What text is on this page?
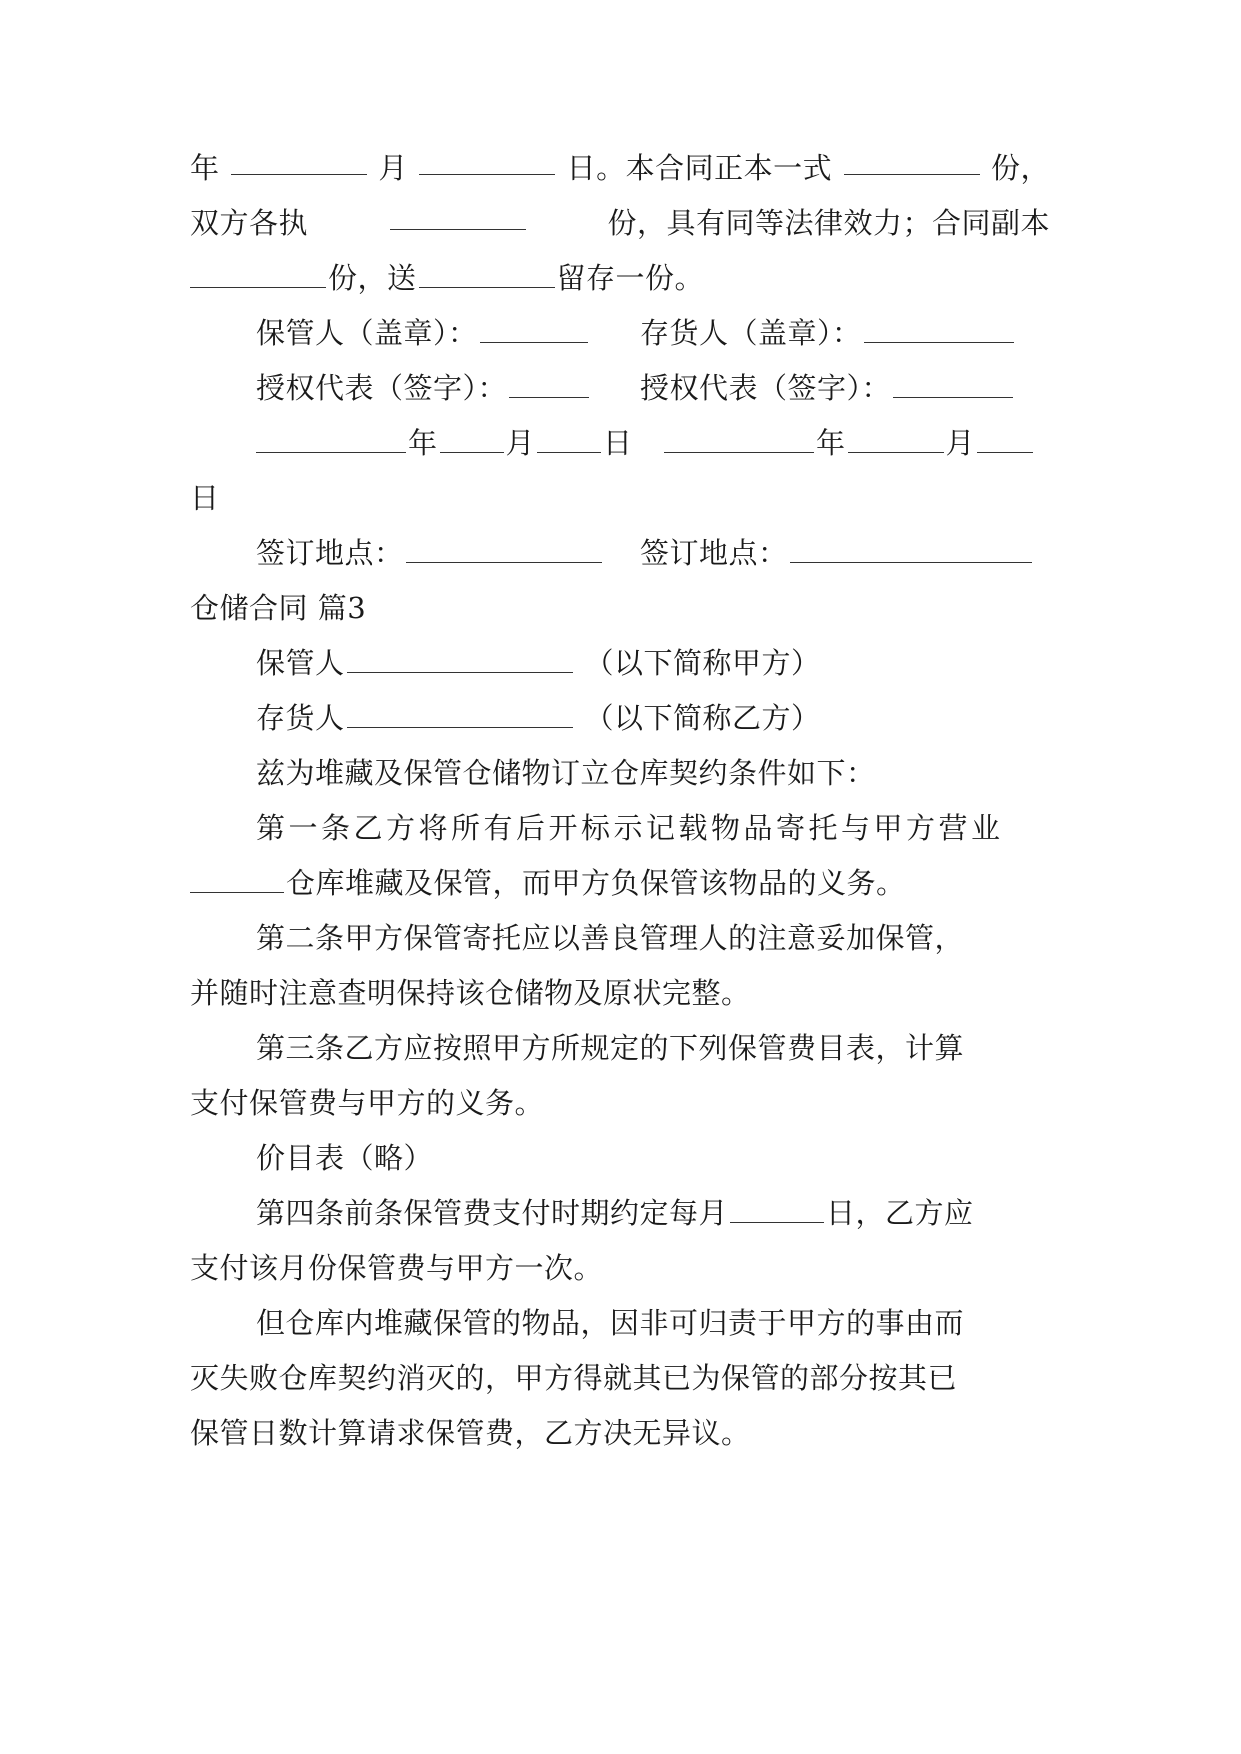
年	月	日。本合同正本一式	份，
双方各执	份，具有同等法律效力；合同副本
份，送	留存一份。
保管人（盖章）：	存货人（盖章）：
授权代表（签字）：	授权代表（签字）：
年 月 日	年	月
日
签订地点：	签订地点：
仓储合同 篇3
保管人	（以下简称甲方）
存货人	（以下简称乙方）
兹为堆藏及保管仓储物订立仓库契约条件如下：
第一条乙方将所有后开标示记载物品寄托与甲方营业
仓库堆藏及保管，而甲方负保管该物品的义务。
第二条甲方保管寄托应以善良管理人的注意妥加保管，
并随时注意查明保持该仓储物及原状完整。
第三条乙方应按照甲方所规定的下列保管费目表，计算
支付保管费与甲方的义务。
价目表（略）
第四条前条保管费支付时期约定每月	日，乙方应
支付该月份保管费与甲方一次。
但仓库内堆藏保管的物品，因非可归责于甲方的事由而
灭失败仓库契约消灭的，甲方得就其已为保管的部分按其已
保管日数计算请求保管费，乙方决无异议。
